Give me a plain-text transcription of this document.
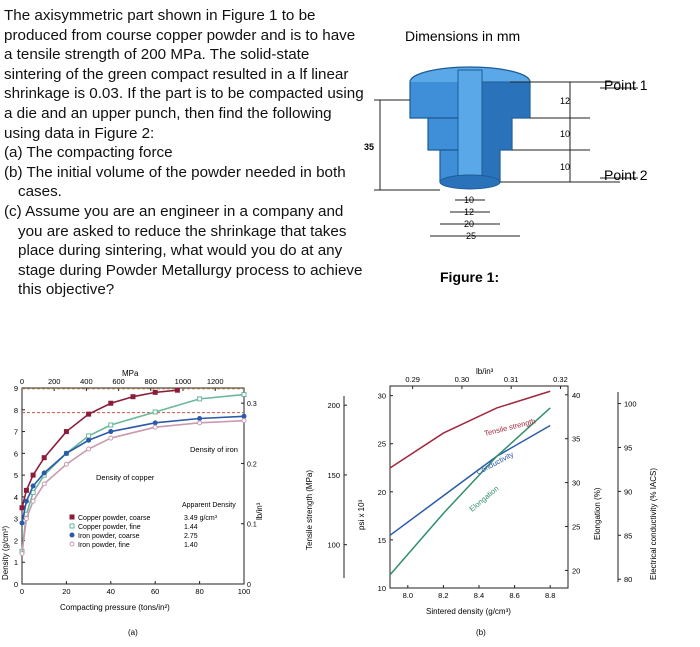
The axisymmetric part shown in Figure 1 to be produced from course copper powder and is to have a tensile strength of 200 MPa. The solid-state sintering of the green compact resulted in a lf linear shrinkage is 0.03. If the part is to be compacted using a die and an upper punch, then find the following using data in Figure 2:

(a) The compacting force

(b) The initial volume of the powder needed in both cases.

(c) Assume you are an engineer in a company and you are asked to reduce the shrinkage that takes place during sintering, what would you do at any stage during Powder Metallurgy process to achieve this objective?

Dimensions in mm
12
10
10
35
10
12
20
25
Point 1
Point 2
Figure 1:
MPa
Compacting pressure (tons/in²)
(a)
Density (g/cm³)
lb/in³
Density of copper
Density of iron
Apparent Density
0	20	40	60	80	100
0	200	400	600	800 1000 1200
0
1
2
3
4
5
6
7
8
9
0
0.1
0.2
0.3
Copper powder, coarse	3.49 g/cm³
Copper powder, fine	1.44
Iron powder, coarse	2.75
Iron powder, fine	1.40
lb/in³
Sintered density (g/cm³)
(b)
Tensile strength (MPa)	psi x 10³	Elongation (%)	Electrical conductivity (% IACS)
8.0	8.2	8.4	8.6	8.8
0.29	0.30	0.31	0.32
10
15
20
25
30
100
150
200
20
25
30
35
40
80
85
90
95
100
Tensile strength
Conductivity
Elongation
